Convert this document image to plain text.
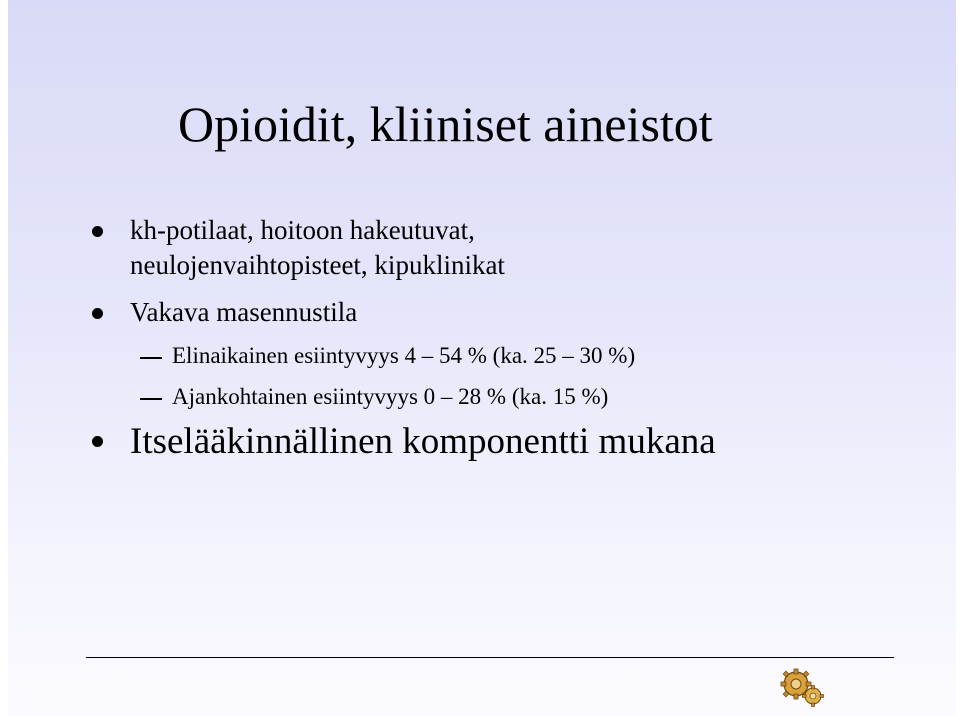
Opioidit, kliiniset aineistot
kh-potilaat, hoitoon hakeutuvat,
neulojenvaihtopisteet, kipuklinikat
Vakava masennustila
Elinaikainen esiintyvyys 4 – 54 % (ka. 25 – 30 %)
Ajankohtainen esiintyvyys 0 – 28 % (ka. 15 %)
Itselääkinnällinen komponentti mukana
